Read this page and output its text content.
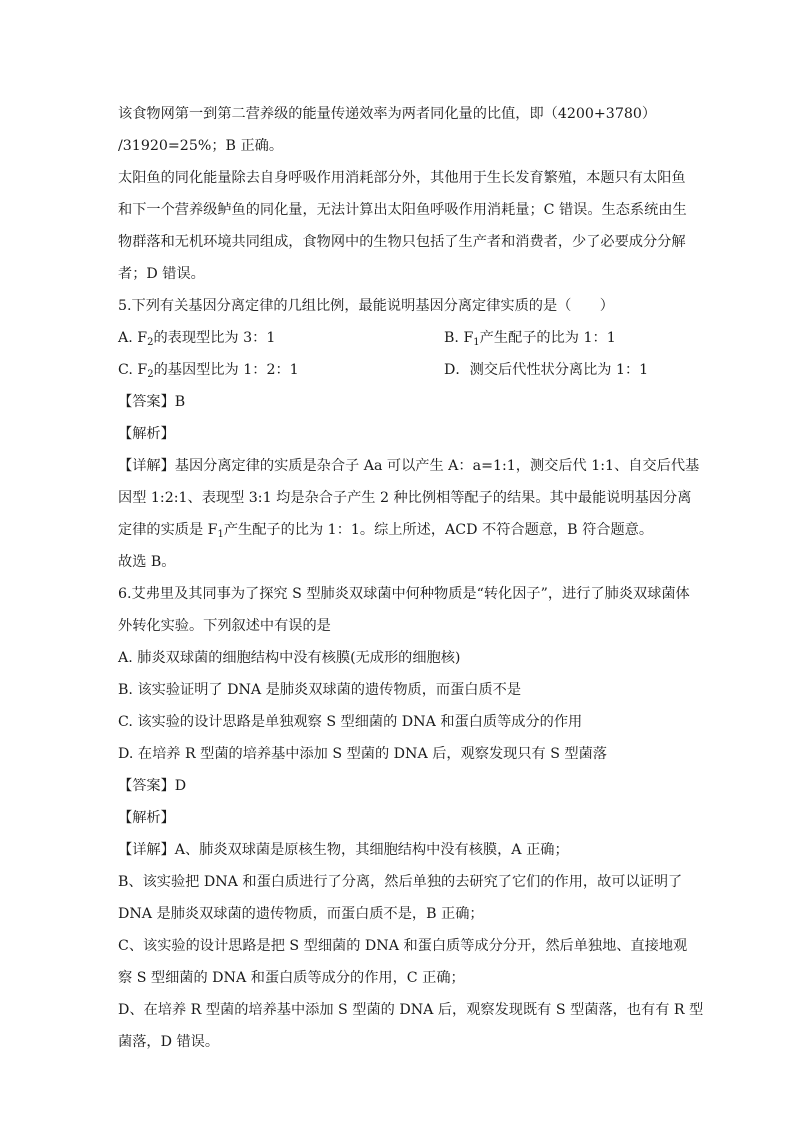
该食物网第一到第二营养级的能量传递效率为两者同化量的比值，即（4200+3780）
/31920=25%；B 正确。
太阳鱼的同化能量除去自身呼吸作用消耗部分外，其他用于生长发育繁殖，本题只有太阳鱼
和下一个营养级鲈鱼的同化量，无法计算出太阳鱼呼吸作用消耗量；C 错误。生态系统由生
物群落和无机环境共同组成，食物网中的生物只包括了生产者和消费者，少了必要成分分解
者；D 错误。
5.下列有关基因分离定律的几组比例，最能说明基因分离定律实质的是（　　）
A. $F_2$的表现型比为 3：1	B. $F_1$产生配子的比为 1：1
C. $F_2$的基因型比为 1：2：1	D．测交后代性状分离比为 1：1
【答案】B
【解析】
【详解】基因分离定律的实质是杂合子 Aa 可以产生 A：a=1:1，测交后代 1:1、自交后代基
因型 1:2:1、表现型 3:1 均是杂合子产生 2 种比例相等配子的结果。其中最能说明基因分离
定律的实质是 $F_1$产生配子的比为 1：1。综上所述，ACD 不符合题意，B 符合题意。
故选 B。
6.艾弗里及其同事为了探究 S 型肺炎双球菌中何种物质是“转化因子”，进行了肺炎双球菌体
外转化实验。下列叙述中有误的是
A. 肺炎双球菌的细胞结构中没有核膜(无成形的细胞核)
B. 该实验证明了 DNA 是肺炎双球菌的遗传物质，而蛋白质不是
C. 该实验的设计思路是单独观察 S 型细菌的 DNA 和蛋白质等成分的作用
D. 在培养 R 型菌的培养基中添加 S 型菌的 DNA 后，观察发现只有 S 型菌落
【答案】D
【解析】
【详解】A、肺炎双球菌是原核生物，其细胞结构中没有核膜，A 正确；
B、该实验把 DNA 和蛋白质进行了分离，然后单独的去研究了它们的作用，故可以证明了
DNA 是肺炎双球菌的遗传物质，而蛋白质不是，B 正确；
C、该实验的设计思路是把 S 型细菌的 DNA 和蛋白质等成分分开，然后单独地、直接地观
察 S 型细菌的 DNA 和蛋白质等成分的作用，C 正确；
D、在培养 R 型菌的培养基中添加 S 型菌的 DNA 后，观察发现既有 S 型菌落，也有有 R 型
菌落，D 错误。
